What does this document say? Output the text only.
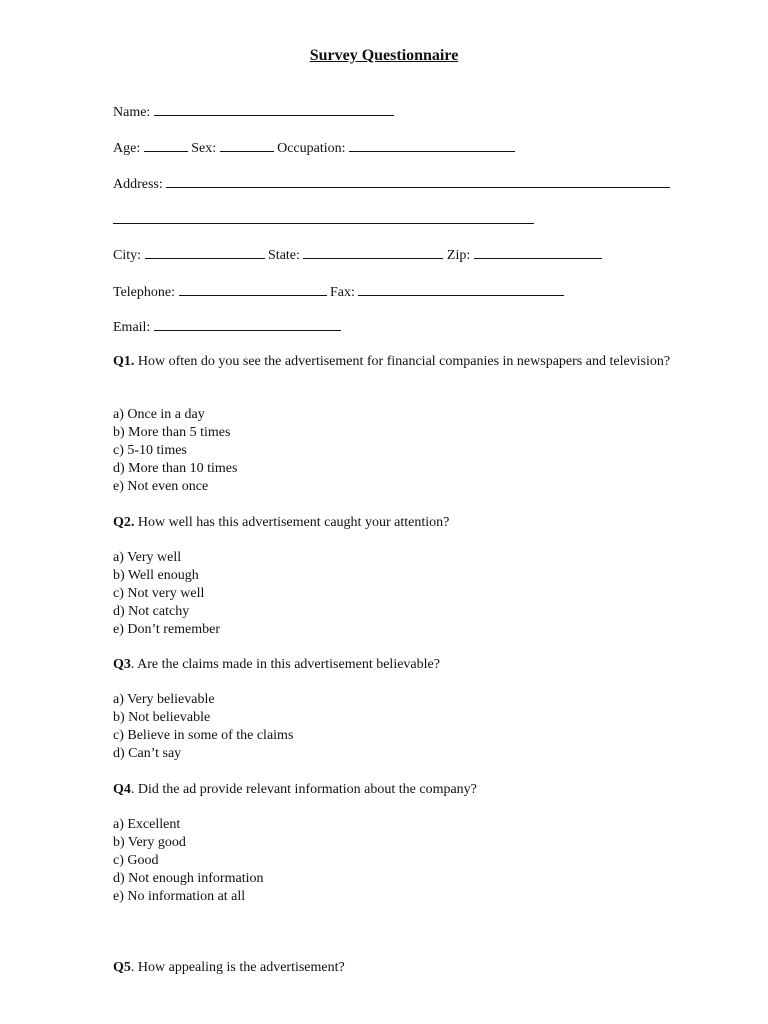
Survey Questionnaire
Name:
Age:	Sex:	Occupation:
Address:
City:	State:	Zip:
Telephone:	Fax:
Email:
Q1. How often do you see the advertisement for financial companies in newspapers and television?
a) Once in a day
b) More than 5 times
c) 5-10 times
d) More than 10 times
e) Not even once
Q2. How well has this advertisement caught your attention?
a) Very well
b) Well enough
c) Not very well
d) Not catchy
e) Don’t remember
Q3. Are the claims made in this advertisement believable?
a) Very believable
b) Not believable
c) Believe in some of the claims
d) Can’t say
Q4. Did the ad provide relevant information about the company?
a) Excellent
b) Very good
c) Good
d) Not enough information
e) No information at all
Q5. How appealing is the advertisement?
